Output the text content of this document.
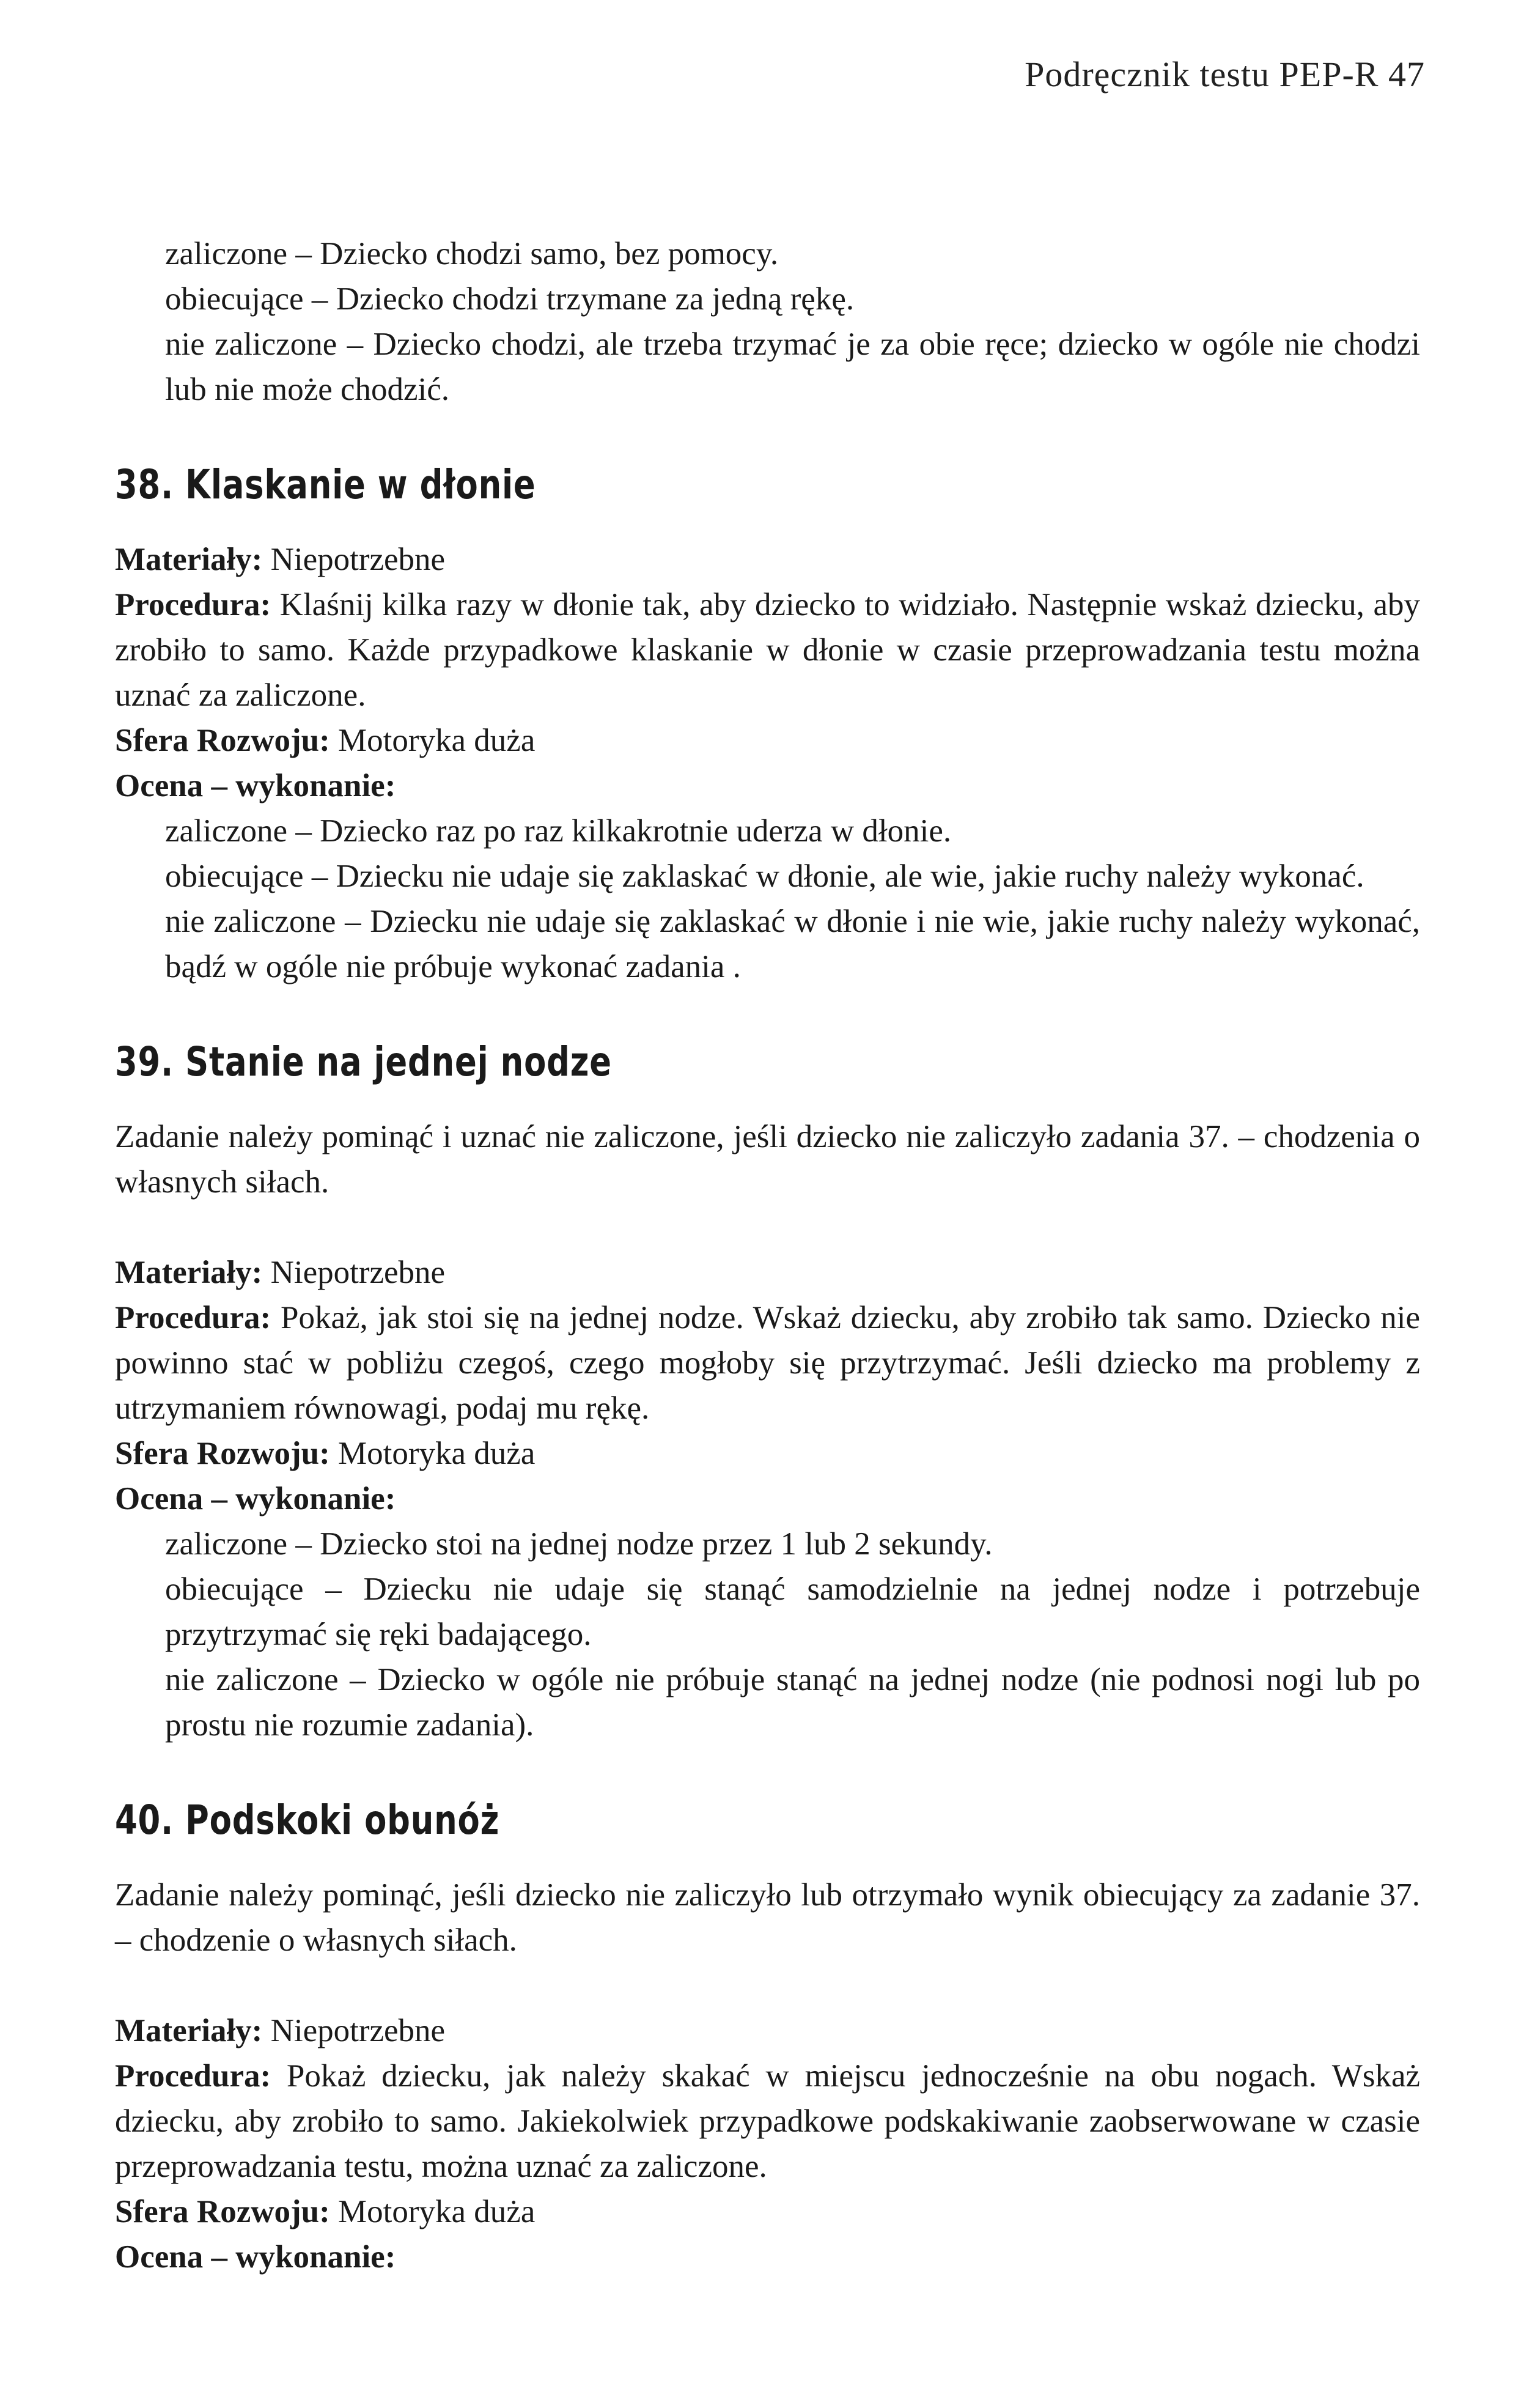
Podręcznik testu PEP-R 47

zaliczone – Dziecko chodzi samo, bez pomocy.

obiecujące – Dziecko chodzi trzymane za jedną rękę.

nie zaliczone – Dziecko chodzi, ale trzeba trzymać je za obie ręce; dziecko w ogóle nie chodzi lub nie może chodzić.

38. Klaskanie w dłonie

Materiały: Niepotrzebne

Procedura: Klaśnij kilka razy w dłonie tak, aby dziecko to widziało. Następnie wskaż dziecku, aby zrobiło to samo. Każde przypadkowe klaskanie w dłonie w czasie przeprowadzania testu można uznać za zaliczone.

Sfera Rozwoju: Motoryka duża

Ocena – wykonanie:

zaliczone – Dziecko raz po raz kilkakrotnie uderza w dłonie.

obiecujące – Dziecku nie udaje się zaklaskać w dłonie, ale wie, jakie ruchy należy wykonać.

nie zaliczone – Dziecku nie udaje się zaklaskać w dłonie i nie wie, jakie ruchy należy wykonać, bądź w ogóle nie próbuje wykonać zadania .

39. Stanie na jednej nodze

Zadanie należy pominąć i uznać nie zaliczone, jeśli dziecko nie zaliczyło zadania 37. – chodzenia o własnych siłach.

Materiały: Niepotrzebne

Procedura: Pokaż, jak stoi się na jednej nodze. Wskaż dziecku, aby zrobiło tak samo. Dziecko nie powinno stać w pobliżu czegoś, czego mogłoby się przytrzymać. Jeśli dziecko ma problemy z utrzymaniem równowagi, podaj mu rękę.

Sfera Rozwoju: Motoryka duża

Ocena – wykonanie:

zaliczone – Dziecko stoi na jednej nodze przez 1 lub 2 sekundy.

obiecujące – Dziecku nie udaje się stanąć samodzielnie na jednej nodze i potrzebuje przytrzymać się ręki badającego.

nie zaliczone – Dziecko w ogóle nie próbuje stanąć na jednej nodze (nie podnosi nogi lub po prostu nie rozumie zadania).

40. Podskoki obunóż

Zadanie należy pominąć, jeśli dziecko nie zaliczyło lub otrzymało wynik obiecujący za zadanie 37. – chodzenie o własnych siłach.

Materiały: Niepotrzebne

Procedura: Pokaż dziecku, jak należy skakać w miejscu jednocześnie na obu nogach. Wskaż dziecku, aby zrobiło to samo. Jakiekolwiek przypadkowe podskakiwanie zaobserwowane w czasie przeprowadzania testu, można uznać za zaliczone.

Sfera Rozwoju: Motoryka duża

Ocena – wykonanie:
